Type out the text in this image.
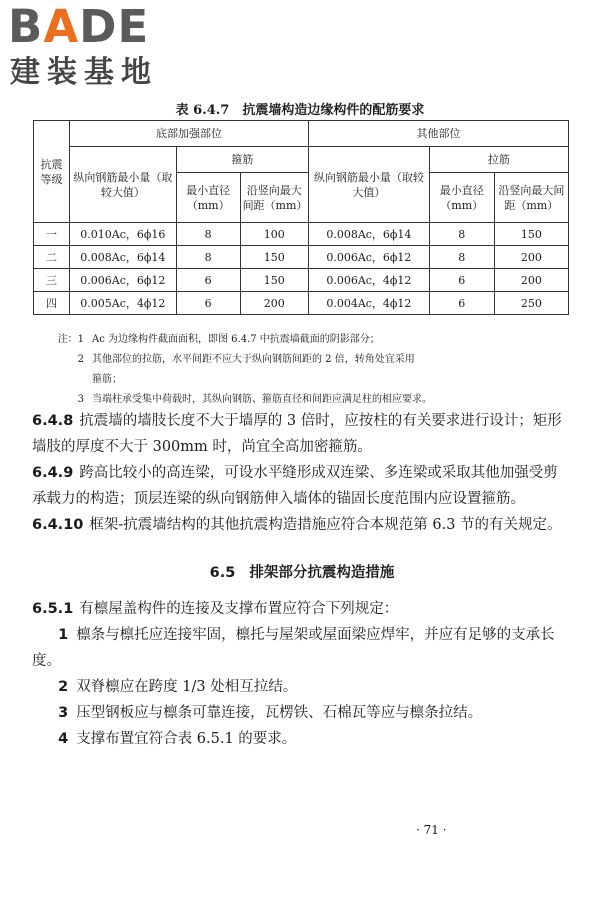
BADE
建装基地
表 6.4.7　抗震墙构造边缘构件的配筋要求
抗震等级	底部加强部位			其他部位		
	纵向钢筋最小量（取较大值）	箍筋		纵向钢筋最小量（取较大值）	拉筋	
		最小直径（mm）	沿竖向最大间距（mm）		最小直径（mm）	沿竖向最大间距（mm）
一	0.010Ac，6ϕ16	8	100	0.008Ac，6ϕ14	8	150
二	0.008Ac，6ϕ14	8	150	0.006Ac，6ϕ12	8	200
三	0.006Ac，6ϕ12	6	150	0.006Ac，4ϕ12	6	200
四	0.005Ac，4ϕ12	6	200	0.004Ac，4ϕ12	6	250
注：1 Ac 为边缘构件截面面积，即图 6.4.7 中抗震墙截面的阴影部分；
2 其他部位的拉筋，水平间距不应大于纵向钢筋间距的 2 倍，转角处宜采用
箍筋；
3 当端柱承受集中荷载时，其纵向钢筋、箍筋直径和间距应满足柱的相应要求。

6.4.8 抗震墙的墙肢长度不大于墙厚的 3 倍时，应按柱的有关要求进行设计；矩形墙肢的厚度不大于 300mm 时，尚宜全高加密箍筋。

6.4.9 跨高比较小的高连梁，可设水平缝形成双连梁、多连梁或采取其他加强受剪承载力的构造；顶层连梁的纵向钢筋伸入墙体的锚固长度范围内应设置箍筋。

6.4.10 框架-抗震墙结构的其他抗震构造措施应符合本规范第 6.3 节的有关规定。

6.5 排架部分抗震构造措施

6.5.1 有檩屋盖构件的连接及支撑布置应符合下列规定：

1 檩条与檩托应连接牢固，檩托与屋架或屋面梁应焊牢，并应有足够的支承长度。

2 双脊檩应在跨度 1/3 处相互拉结。

3 压型钢板应与檩条可靠连接，瓦楞铁、石棉瓦等应与檩条拉结。

4 支撑布置宜符合表 6.5.1 的要求。

· 71 ·
